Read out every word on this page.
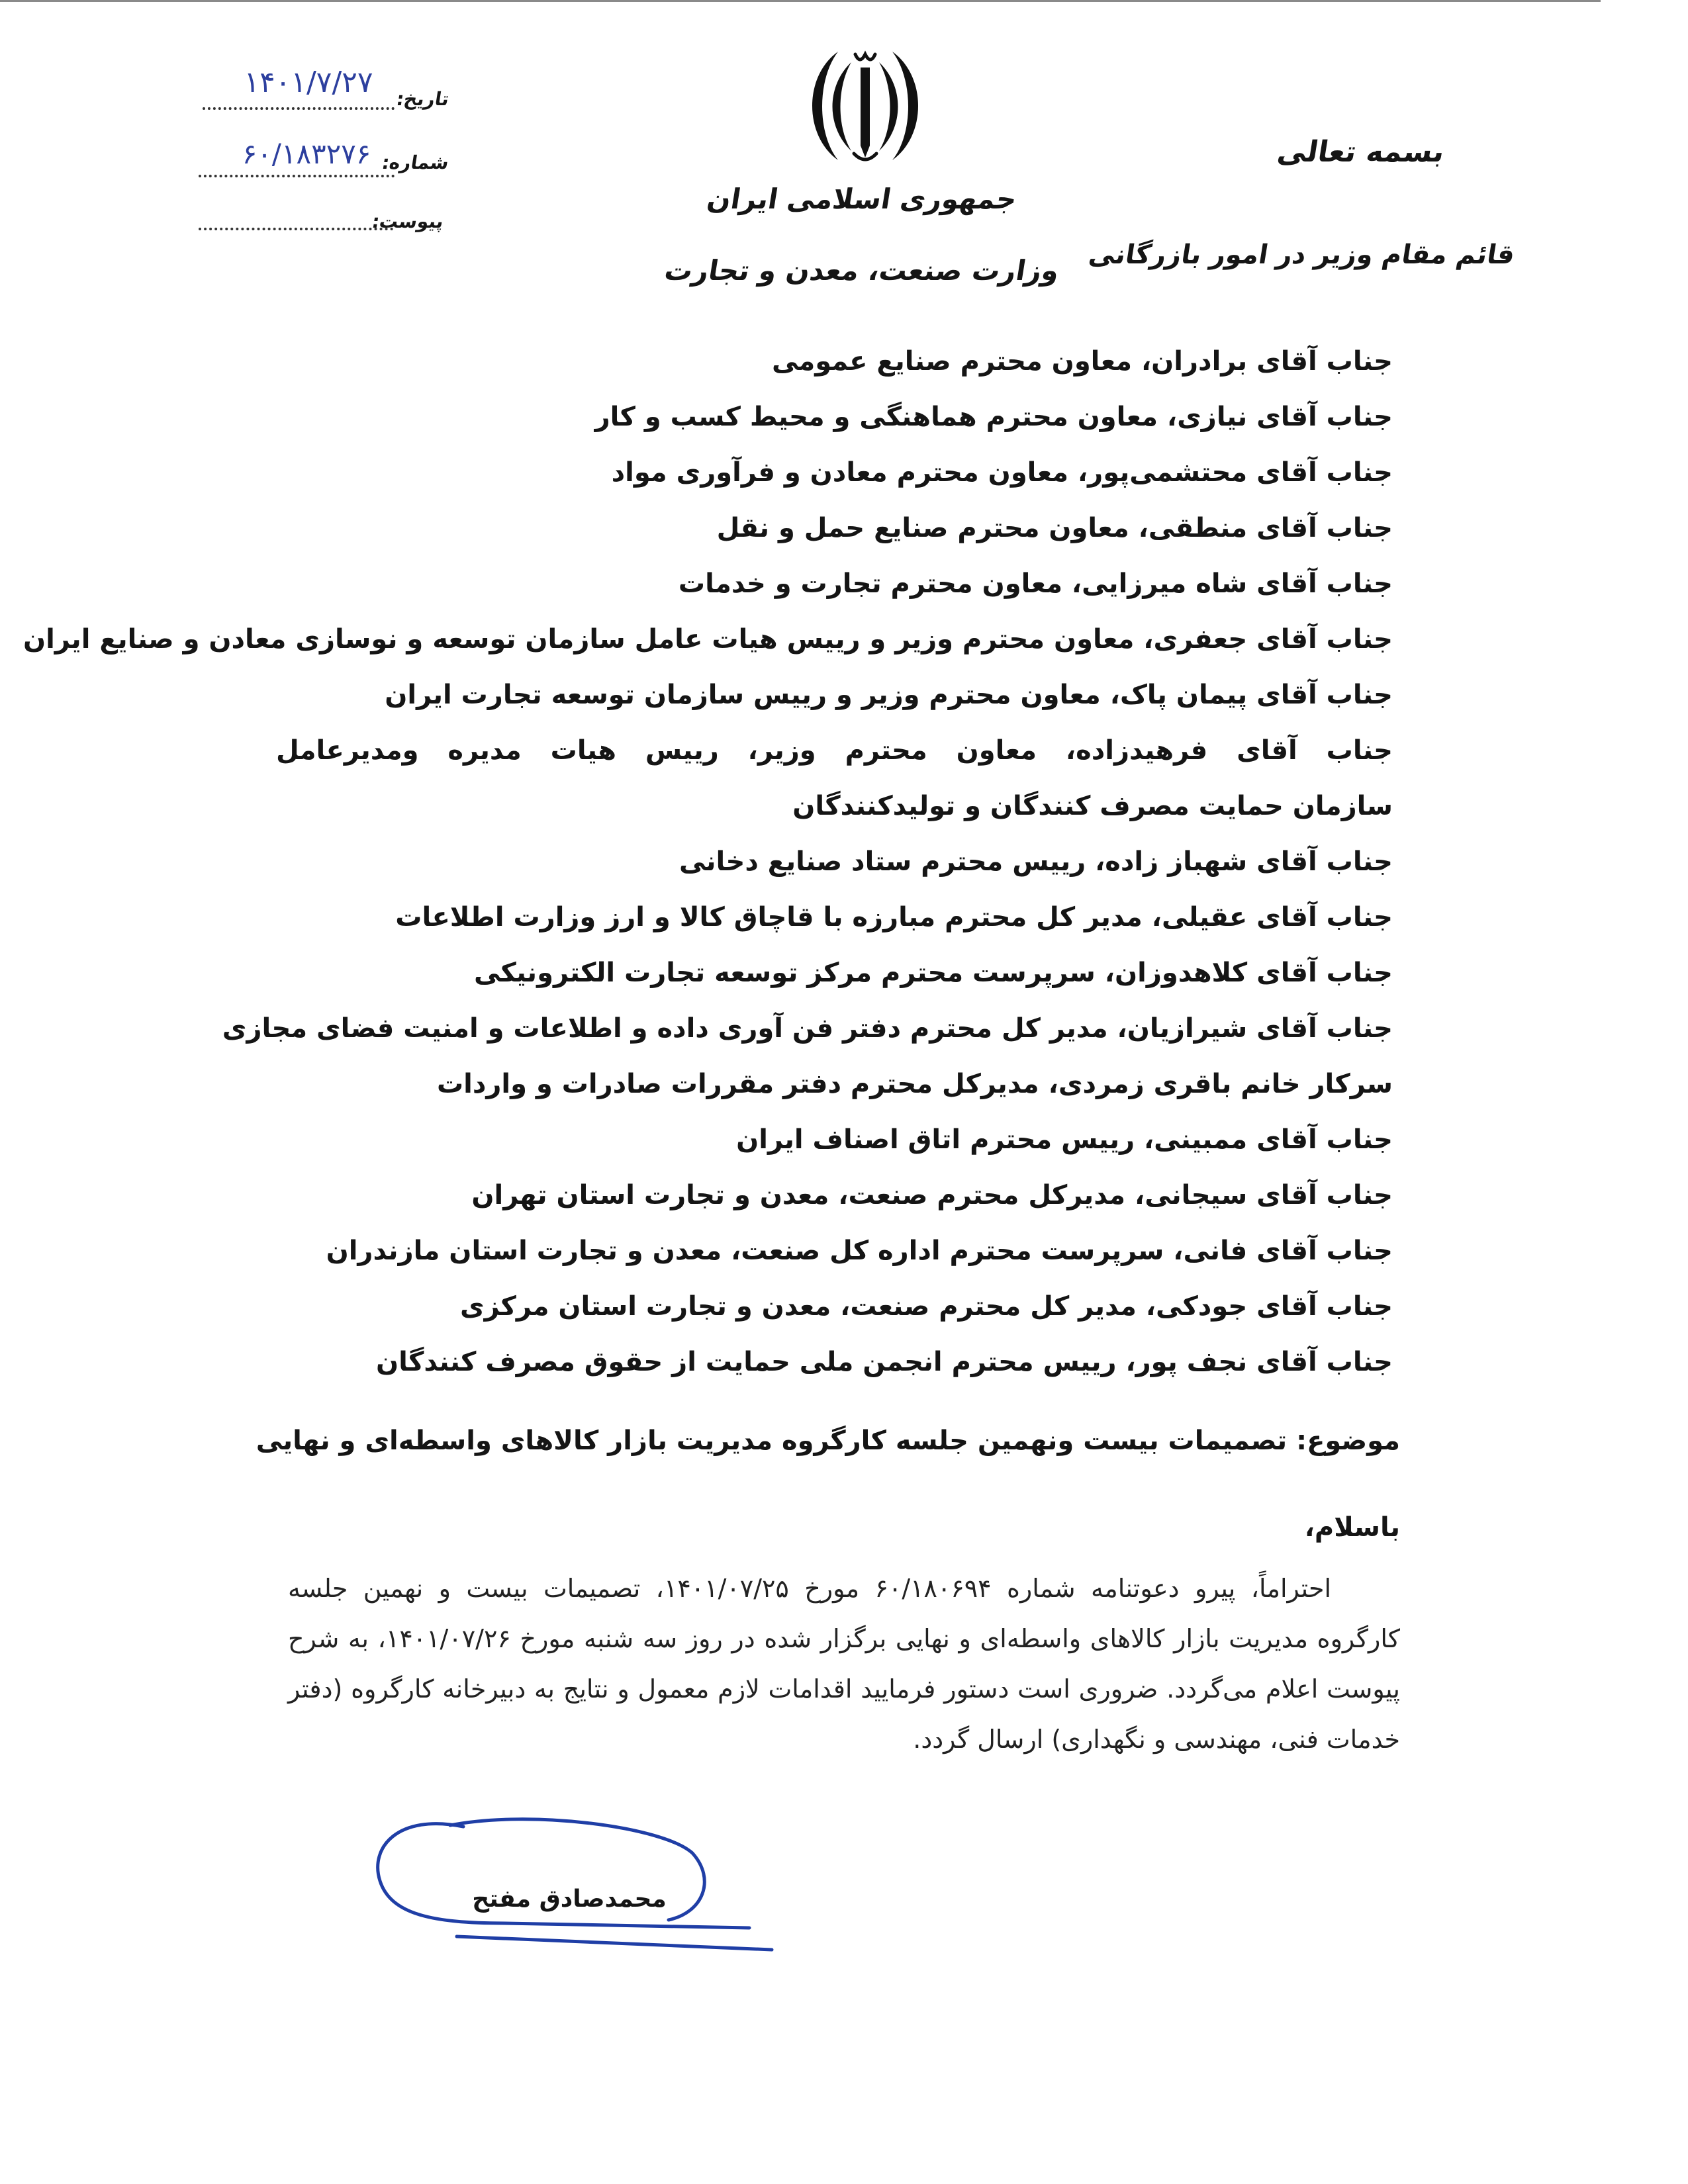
بسمه تعالی
قائم مقام وزیر در امور بازرگانی
جمهوری اسلامی ایران
وزارت صنعت، معدن و تجارت
تاریخ:
۱۴۰۱/۷/۲۷
شماره:
۶۰/۱۸۳۲۷۶
پیوست:
جناب آقای برادران، معاون محترم صنایع عمومی
جناب آقای نیازی، معاون محترم هماهنگی و محیط کسب و کار
جناب آقای محتشمی‌پور، معاون محترم معادن و فرآوری مواد
جناب آقای منطقی، معاون محترم صنایع حمل و نقل
جناب آقای شاه میرزایی، معاون محترم تجارت و خدمات
جناب آقای جعفری، معاون محترم وزیر و رییس هیات عامل سازمان توسعه و نوسازی معادن و صنایع ایران
جناب آقای پیمان پاک، معاون محترم وزیر و رییس سازمان توسعه تجارت ایران
جناب آقای فرهیدزاده، معاون محترم وزیر، رییس هیات مدیره ومدیرعامل
سازمان حمایت مصرف کنندگان و تولیدکنندگان
جناب آقای شهباز زاده، رییس محترم ستاد صنایع دخانی
جناب آقای عقیلی، مدیر کل محترم مبارزه با قاچاق کالا و ارز وزارت اطلاعات
جناب آقای کلاهدوزان، سرپرست محترم مرکز توسعه تجارت الکترونیکی
جناب آقای شیرازیان، مدیر کل محترم دفتر فن آوری داده و اطلاعات و امنیت فضای مجازی
سرکار خانم باقری زمردی، مدیرکل محترم دفتر مقررات صادرات و واردات
جناب آقای ممبینی، رییس محترم اتاق اصناف ایران
جناب آقای سیجانی، مدیرکل محترم صنعت، معدن و تجارت استان تهران
جناب آقای فانی، سرپرست محترم اداره کل صنعت، معدن و تجارت استان مازندران
جناب آقای جودکی، مدیر کل محترم صنعت، معدن و تجارت استان مرکزی
جناب آقای نجف پور، رییس محترم انجمن ملی حمایت از حقوق مصرف کنندگان
موضوع: تصمیمات بیست ونهمین جلسه کارگروه مدیریت بازار کالاهای واسطه‌ای و نهایی
باسلام،
احتراماً، پیرو دعوتنامه شماره ۶۰/۱۸۰۶۹۴ مورخ ۱۴۰۱/۰۷/۲۵، تصمیمات بیست و نهمین جلسه کارگروه مدیریت بازار کالاهای واسطه‌ای و نهایی برگزار شده در روز سه شنبه مورخ ۱۴۰۱/۰۷/۲۶، به شرح پیوست اعلام می‌گردد. ضروری است دستور فرمایید اقدامات لازم معمول و نتایج به دبیرخانه کارگروه (دفتر خدمات فنی، مهندسی و نگهداری) ارسال گردد.
محمدصادق مفتح
